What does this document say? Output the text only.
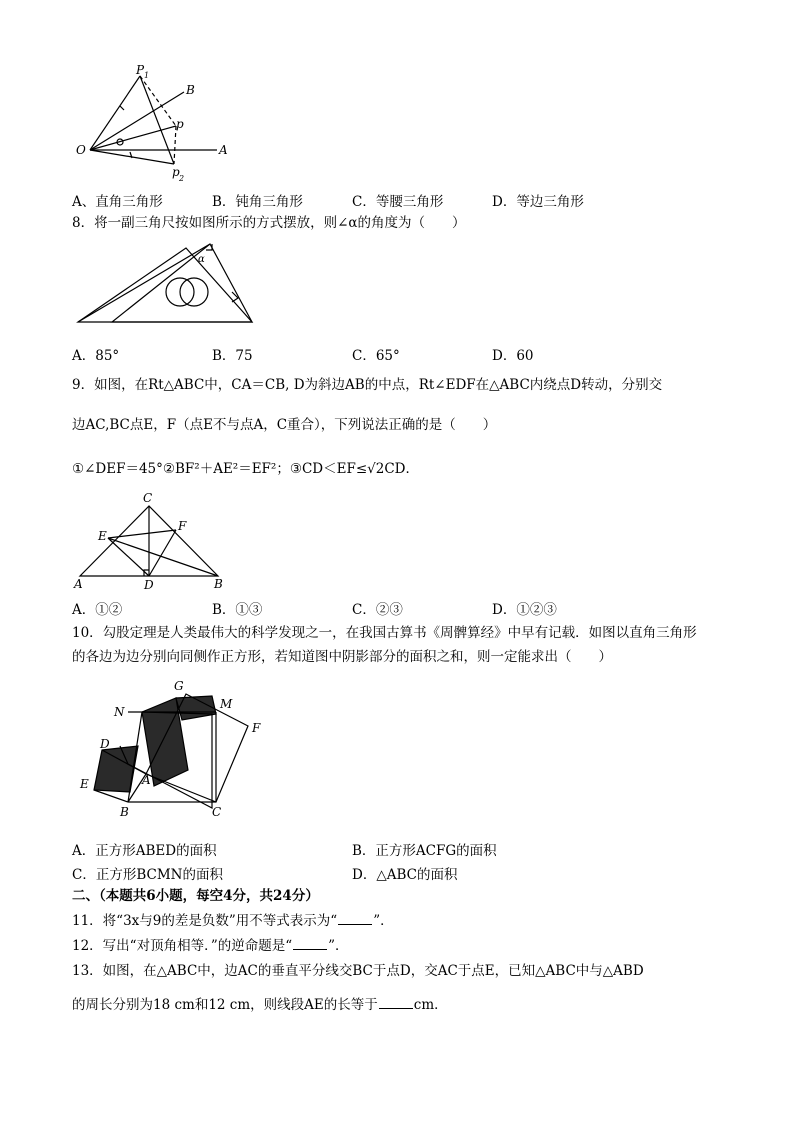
P 1
B
p
O	A
p 2
A、直角三角形	B．钝角三角形	C．等腰三角形	D．等边三角形
8．将一副三角尺按如图所示的方式摆放，则∠α的角度为（　　）
α
A．85°	B．75	C．65°	D．60
9．如图，在Rt△ABC中，CA＝CB, D为斜边AB的中点，Rt∠EDF在△ABC内绕点D转动，分别交
边AC,BC点E，F（点E不与点A，C重合），下列说法正确的是（　　）
①∠DEF＝45°②BF²＋AE²＝EF²；③CD＜EF≤√2CD．
C
E
F
A	D	B
A．①②	B．①③	C．②③	D．①②③
10．勾股定理是人类最伟大的科学发现之一，在我国古算书《周髀算经》中早有记载．如图以直角三角形
的各边为边分别向同侧作正方形，若知道图中阴影部分的面积之和，则一定能求出（　　）
G
M
N
F
D
E	A
B	C
A．正方形ABED的面积	B．正方形ACFG的面积
C．正方形BCMN的面积	D．△ABC的面积
二、（本题共6小题，每空4分，共24分）
11．将“3x与9的差是负数”用不等式表示为“	”．
12．写出“对顶角相等．”的逆命题是“	”．
13．如图，在△ABC中，边AC的垂直平分线交BC于点D，交AC于点E，已知△ABC中与△ABD
的周长分别为18 cm和12 cm，则线段AE的长等于	cm．
